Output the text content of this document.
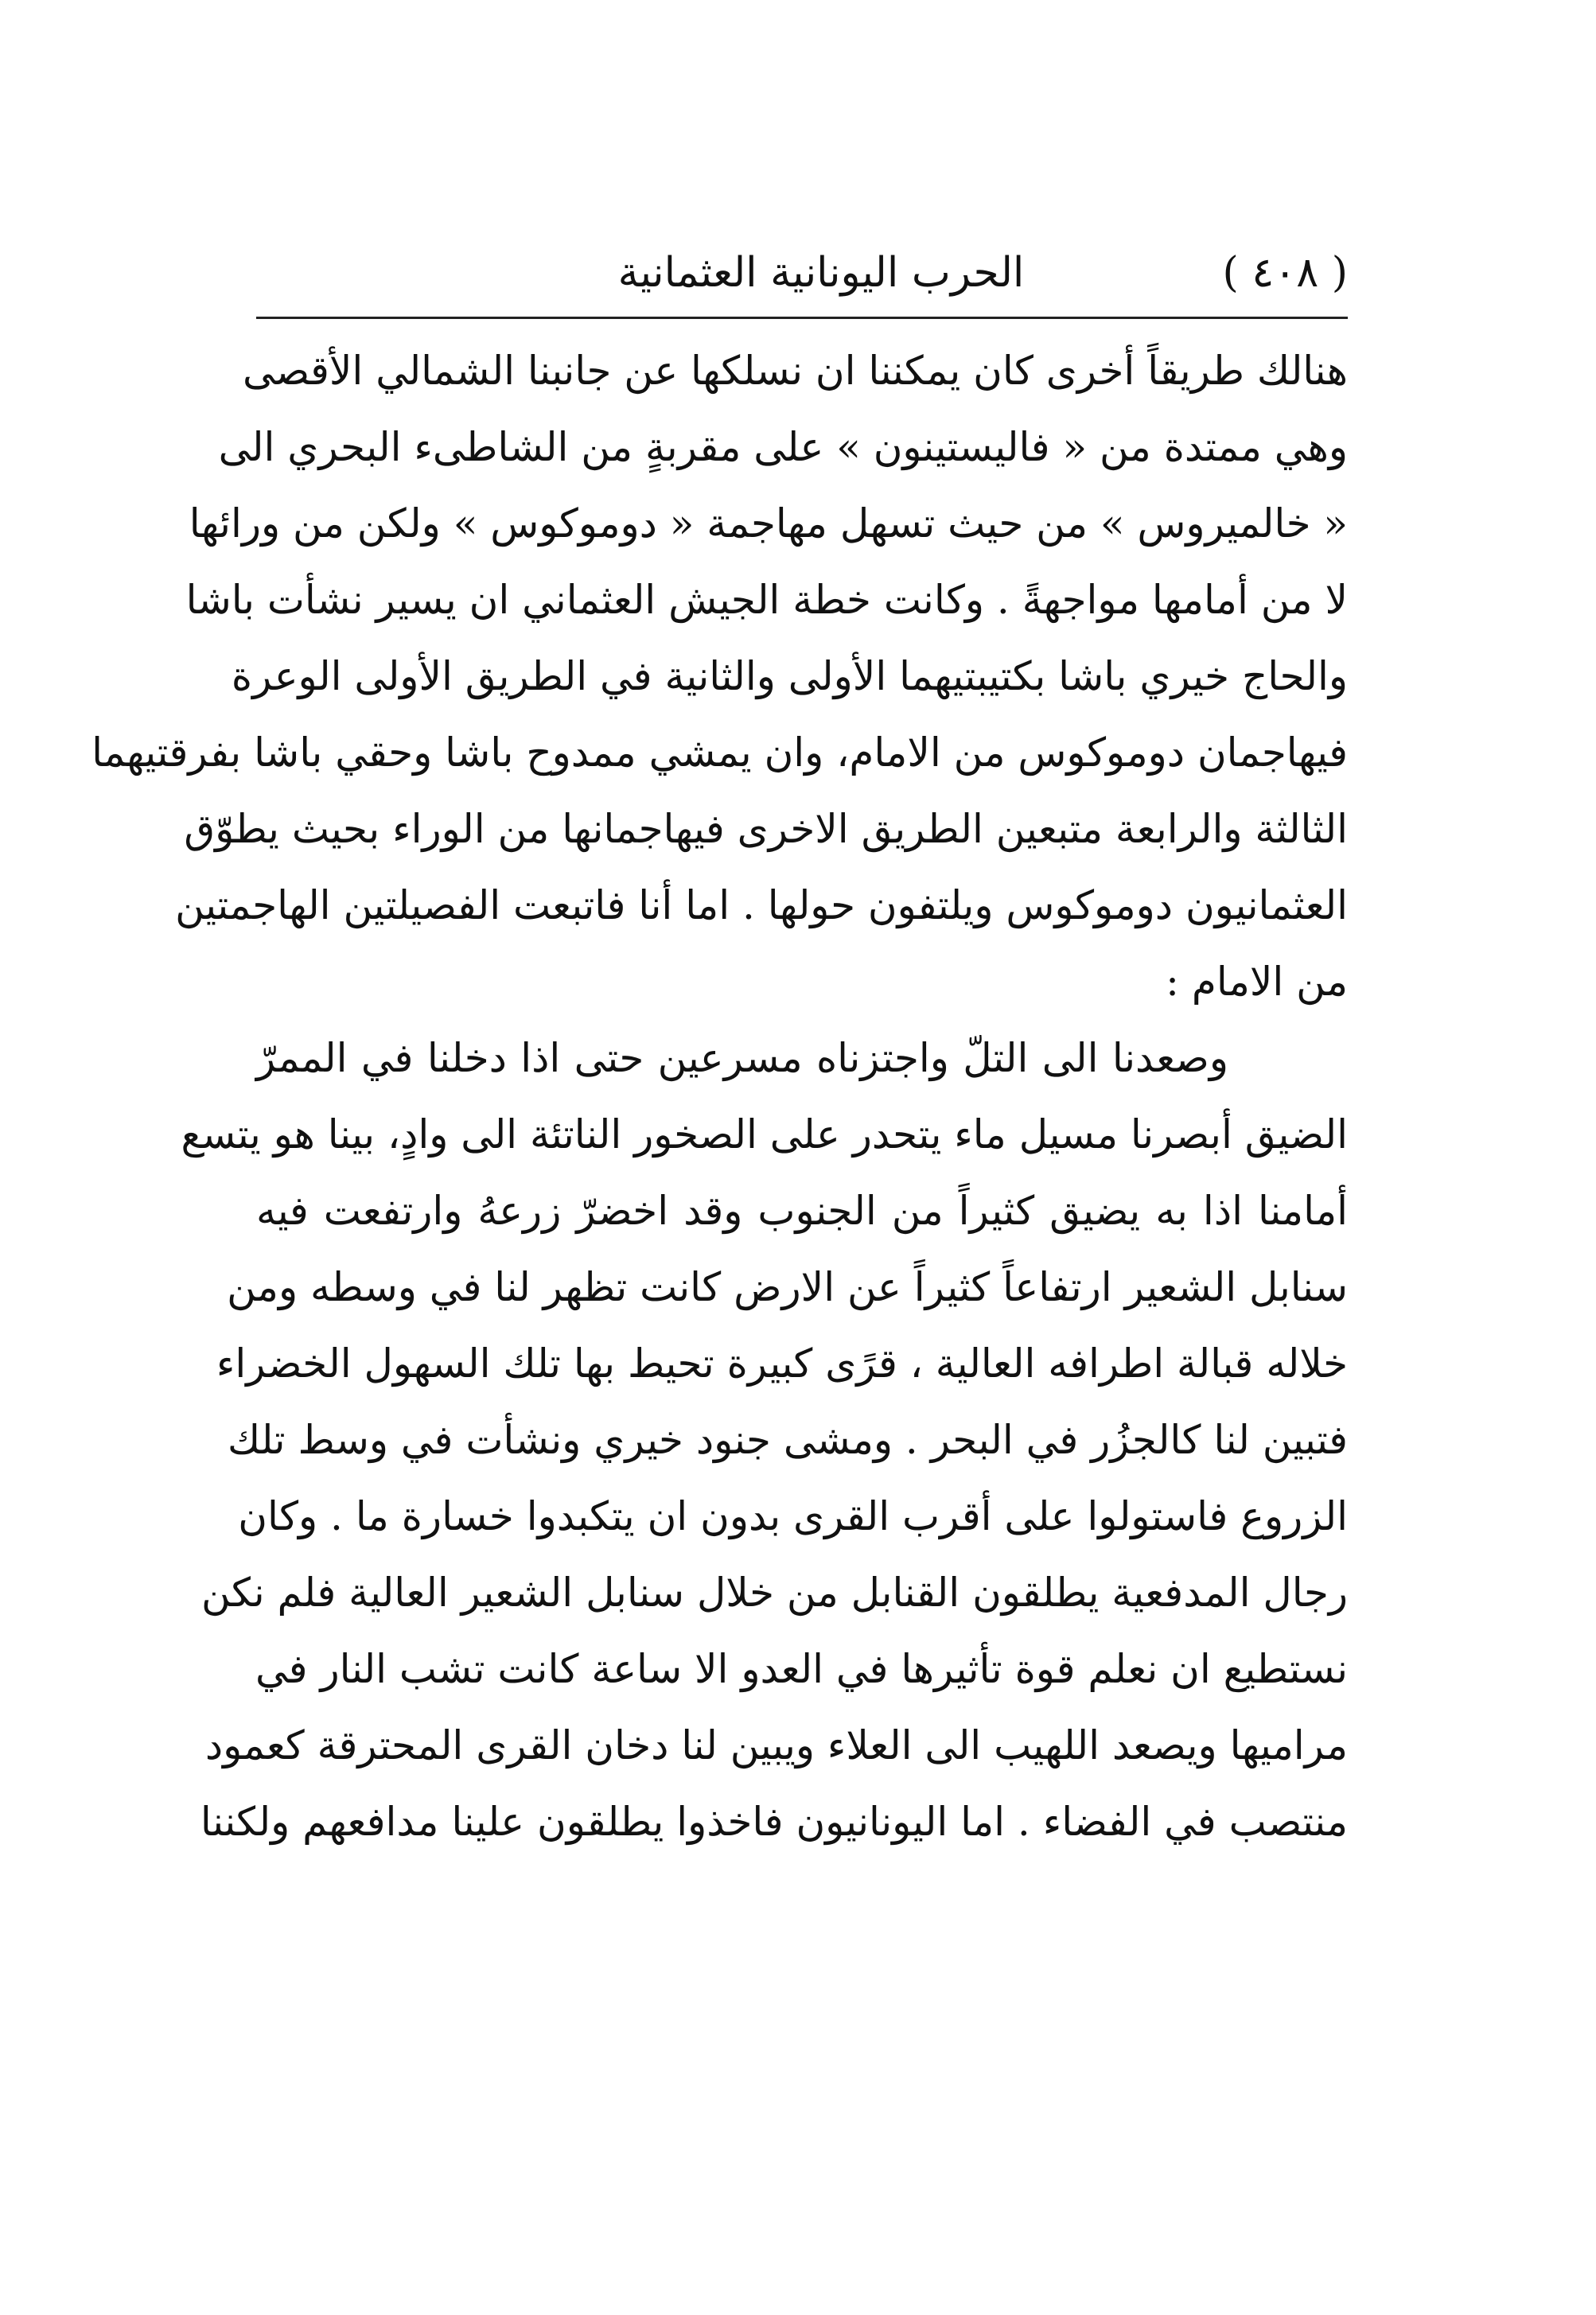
( ٤٠٨ )
الحرب اليونانية العثمانية
هنالك طريقاً أخرى كان يمكننا ان نسلكها عن جانبنا الشمالي الأقصى
وهي ممتدة من « فاليستينون » على مقربةٍ من الشاطىء البحري الى
« خالميروس » من حيث تسهل مهاجمة « دوموكوس » ولكن من ورائها
لا من أمامها مواجهةً . وكانت خطة الجيش العثماني ان يسير نشأت باشا
والحاج خيري باشا بكتيبتيهما الأولى والثانية في الطريق الأولى الوعرة
فيهاجمان دوموكوس من الامام، وان يمشي ممدوح باشا وحقي باشا بفرقتيهما
الثالثة والرابعة متبعين الطريق الاخرى فيهاجمانها من الوراء بحيث يطوّق
العثمانيون دوموكوس ويلتفون حولها . اما أنا فاتبعت الفصيلتين الهاجمتين
من الامام :
وصعدنا الى التلّ واجتزناه مسرعين حتى اذا دخلنا في الممرّ
الضيق أبصرنا مسيل ماء يتحدر على الصخور الناتئة الى وادٍ، بينا هو يتسع
أمامنا اذا به يضيق كثيراً من الجنوب وقد اخضرّ زرعهُ وارتفعت فيه
سنابل الشعير ارتفاعاً كثيراً عن الارض كانت تظهر لنا في وسطه ومن
خلاله قبالة اطرافه العالية ، قرًى كبيرة تحيط بها تلك السهول الخضراء
فتبين لنا كالجزُر في البحر . ومشى جنود خيري ونشأت في وسط تلك
الزروع فاستولوا على أقرب القرى بدون ان يتكبدوا خسارة ما . وكان
رجال المدفعية يطلقون القنابل من خلال سنابل الشعير العالية فلم نكن
نستطيع ان نعلم قوة تأثيرها في العدو الا ساعة كانت تشب النار في
مراميها ويصعد اللهيب الى العلاء ويبين لنا دخان القرى المحترقة كعمود
منتصب في الفضاء . اما اليونانيون فاخذوا يطلقون علينا مدافعهم ولكننا
